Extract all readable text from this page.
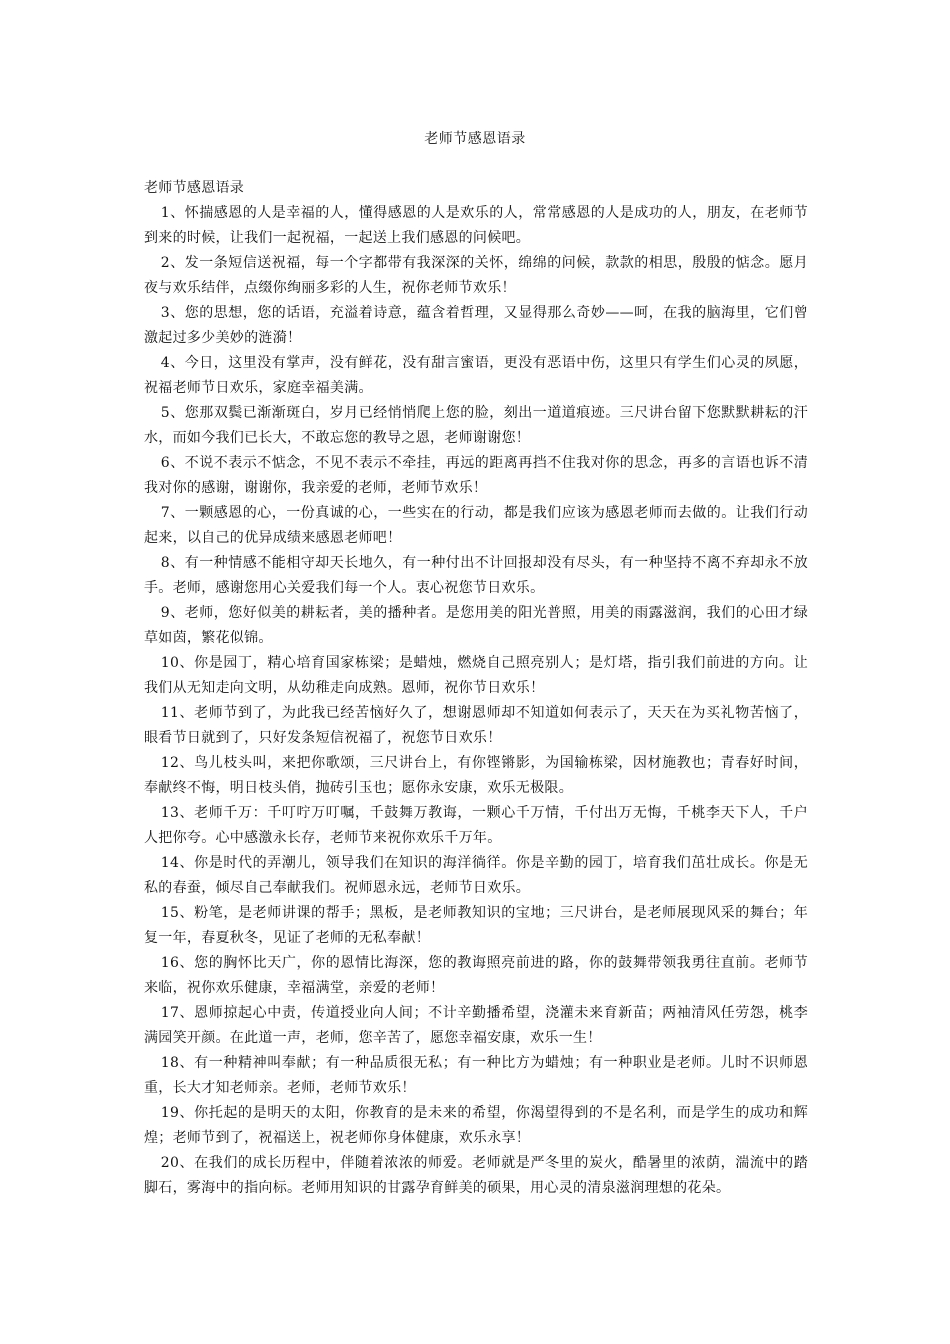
老师节感恩语录

老师节感恩语录

1、怀揣感恩的人是幸福的人，懂得感恩的人是欢乐的人，常常感恩的人是成功的人，朋友，在老师节到来的时候，让我们一起祝福，一起送上我们感恩的问候吧。

2、发一条短信送祝福，每一个字都带有我深深的关怀，绵绵的问候，款款的相思，殷殷的惦念。愿月夜与欢乐结伴，点缀你绚丽多彩的人生，祝你老师节欢乐！

3、您的思想，您的话语，充溢着诗意，蕴含着哲理，又显得那么奇妙——呵，在我的脑海里，它们曾激起过多少美妙的涟漪！

4、今日，这里没有掌声，没有鲜花，没有甜言蜜语，更没有恶语中伤，这里只有学生们心灵的夙愿，祝福老师节日欢乐，家庭幸福美满。

5、您那双鬓已渐渐斑白，岁月已经悄悄爬上您的脸，刻出一道道痕迹。三尺讲台留下您默默耕耘的汗水，而如今我们已长大，不敢忘您的教导之恩，老师谢谢您！

6、不说不表示不惦念，不见不表示不牵挂，再远的距离再挡不住我对你的思念，再多的言语也诉不清我对你的感谢，谢谢你，我亲爱的老师，老师节欢乐！

7、一颗感恩的心，一份真诚的心，一些实在的行动，都是我们应该为感恩老师而去做的。让我们行动起来，以自己的优异成绩来感恩老师吧！

8、有一种情感不能相守却天长地久，有一种付出不计回报却没有尽头，有一种坚持不离不弃却永不放手。老师，感谢您用心关爱我们每一个人。衷心祝您节日欢乐。

9、老师，您好似美的耕耘者，美的播种者。是您用美的阳光普照，用美的雨露滋润，我们的心田才绿草如茵，繁花似锦。

10、你是园丁，精心培育国家栋梁；是蜡烛，燃烧自己照亮别人；是灯塔，指引我们前进的方向。让我们从无知走向文明，从幼稚走向成熟。恩师，祝你节日欢乐！

11、老师节到了，为此我已经苦恼好久了，想谢恩师却不知道如何表示了，天天在为买礼物苦恼了，眼看节日就到了，只好发条短信祝福了，祝您节日欢乐！

12、鸟儿枝头叫，来把你歌颂，三尺讲台上，有你铿锵影，为国输栋梁，因材施教也；青春好时间，奉献终不悔，明日枝头俏，抛砖引玉也；愿你永安康，欢乐无极限。

13、老师千万：千叮咛万叮嘱，千鼓舞万教诲，一颗心千万情，千付出万无悔，千桃李天下人，千户人把你夸。心中感激永长存，老师节来祝你欢乐千万年。

14、你是时代的弄潮儿，领导我们在知识的海洋徜徉。你是辛勤的园丁，培育我们茁壮成长。你是无私的春蚕，倾尽自己奉献我们。祝师恩永远，老师节日欢乐。

15、粉笔，是老师讲课的帮手；黑板，是老师教知识的宝地；三尺讲台，是老师展现风采的舞台；年复一年，春夏秋冬，见证了老师的无私奉献！

16、您的胸怀比天广，你的恩情比海深，您的教诲照亮前进的路，你的鼓舞带领我勇往直前。老师节来临，祝你欢乐健康，幸福满堂，亲爱的老师！

17、恩师掠起心中责，传道授业向人间；不计辛勤播希望，浇灌未来育新苗；两袖清风任劳怨，桃李满园笑开颜。在此道一声，老师，您辛苦了，愿您幸福安康，欢乐一生！

18、有一种精神叫奉献；有一种品质很无私；有一种比方为蜡烛；有一种职业是老师。儿时不识师恩重，长大才知老师亲。老师，老师节欢乐！

19、你托起的是明天的太阳，你教育的是未来的希望，你渴望得到的不是名利，而是学生的成功和辉煌；老师节到了，祝福送上，祝老师你身体健康，欢乐永享！

20、在我们的成长历程中，伴随着浓浓的师爱。老师就是严冬里的炭火，酷暑里的浓荫，湍流中的踏脚石，雾海中的指向标。老师用知识的甘露孕育鲜美的硕果，用心灵的清泉滋润理想的花朵。
